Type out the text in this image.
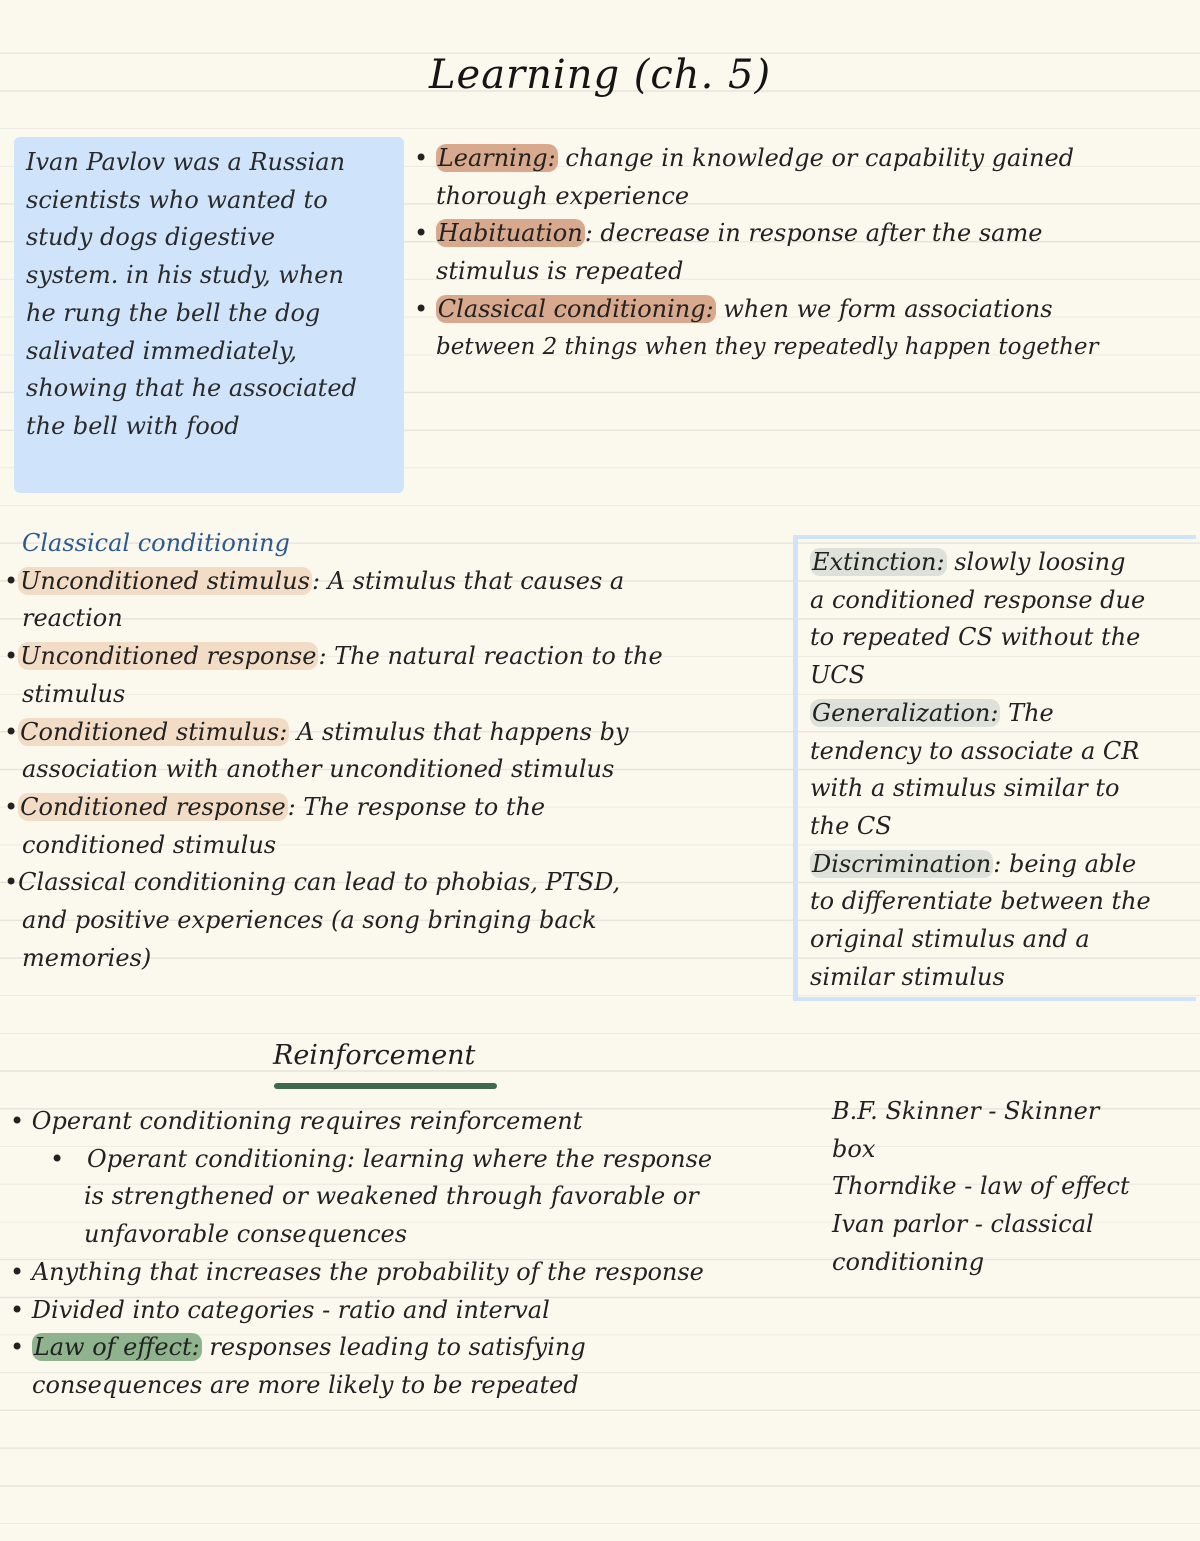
Learning (ch. 5)
Ivan Pavlov was a Russian
scientists who wanted to
study dogs digestive
system. in his study, when
he rung the bell the dog
salivated immediately,
showing that he associated
the bell with food
• Learning: change in knowledge or capability gained
thorough experience
• Habituation: decrease in response after the same
stimulus is repeated
• Classical conditioning: when we form associations
between 2 things when they repeatedly happen together
Classical conditioning
•Unconditioned stimulus: A stimulus that causes a
reaction
•Unconditioned response: The natural reaction to the
stimulus
•Conditioned stimulus: A stimulus that happens by
association with another unconditioned stimulus
•Conditioned response: The response to the
conditioned stimulus
•Classical conditioning can lead to phobias, PTSD,
and positive experiences (a song bringing back
memories)
Extinction: slowly loosing
a conditioned response due
to repeated CS without the
UCS
Generalization: The
tendency to associate a CR
with a stimulus similar to
the CS
Discrimination: being able
to differentiate between the
original stimulus and a
similar stimulus
Reinforcement
• Operant conditioning requires reinforcement
•   Operant conditioning: learning where the response
is strengthened or weakened through favorable or
unfavorable consequences
• Anything that increases the probability of the response
• Divided into categories - ratio and interval
• Law of effect: responses leading to satisfying
consequences are more likely to be repeated
B.F. Skinner - Skinner
box
Thorndike - law of effect
Ivan parlor - classical
conditioning
